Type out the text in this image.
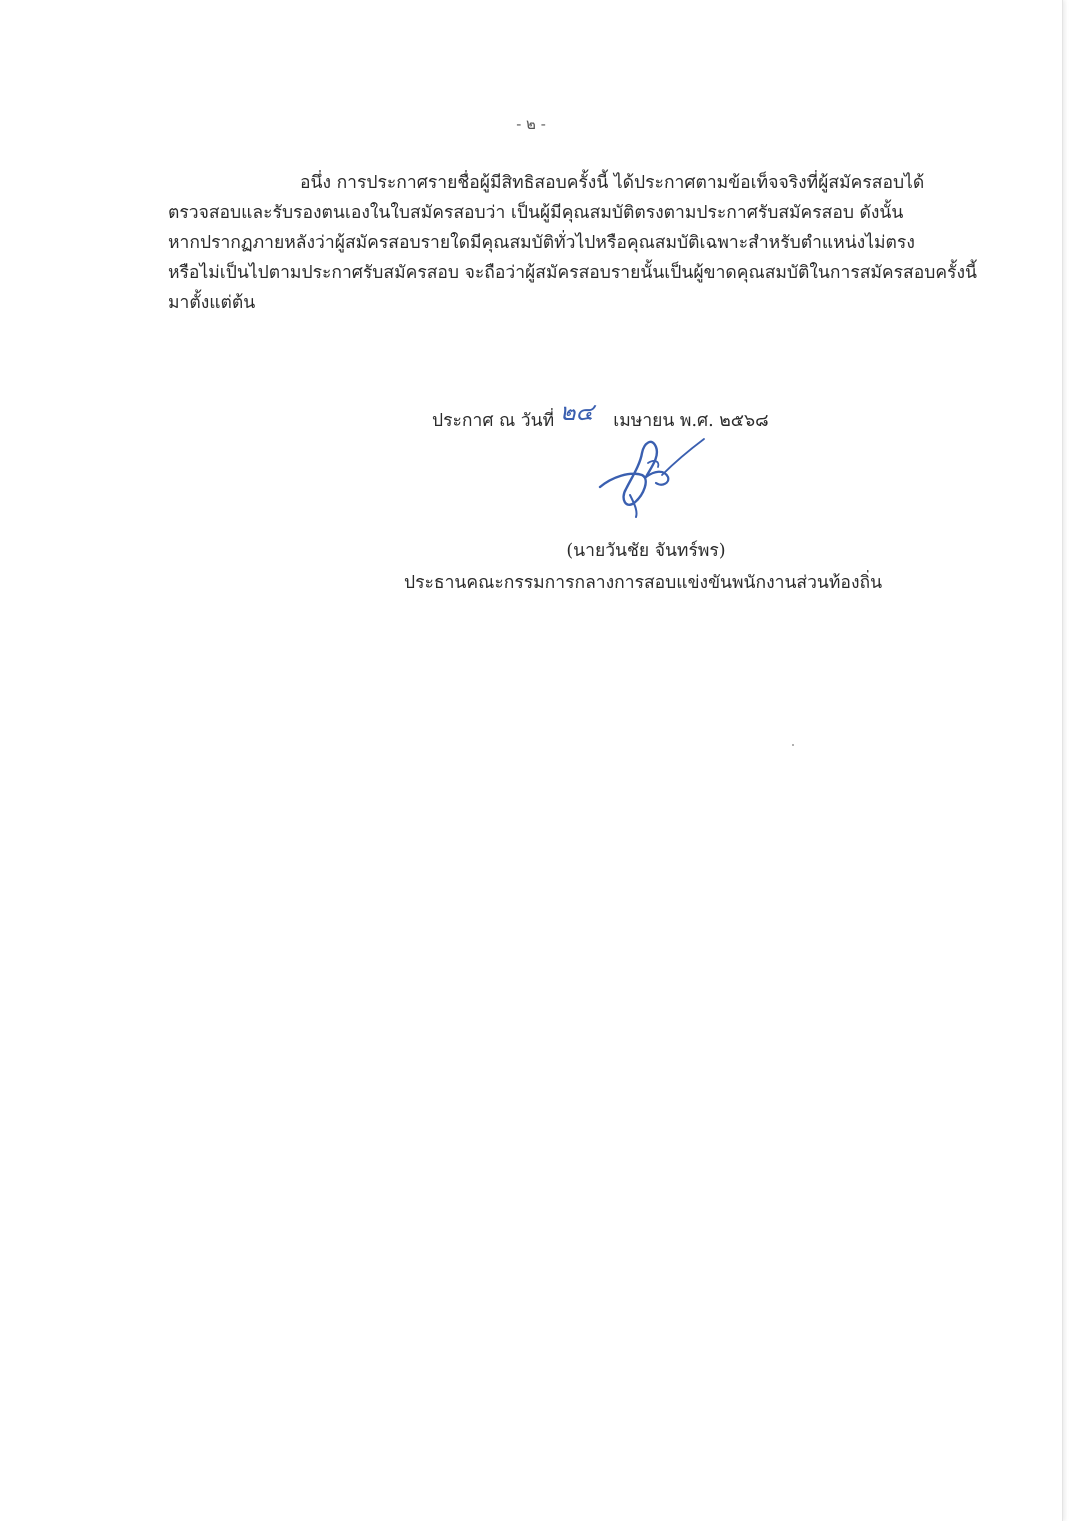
- ๒ -
อนึ่ง การประกาศรายชื่อผู้มีสิทธิสอบครั้งนี้ ได้ประกาศตามข้อเท็จจริงที่ผู้สมัครสอบได้
ตรวจสอบและรับรองตนเองในใบสมัครสอบว่า เป็นผู้มีคุณสมบัติตรงตามประกาศรับสมัครสอบ ดังนั้น
หากปรากฏภายหลังว่าผู้สมัครสอบรายใดมีคุณสมบัติทั่วไปหรือคุณสมบัติเฉพาะสำหรับตำแหน่งไม่ตรง
หรือไม่เป็นไปตามประกาศรับสมัครสอบ จะถือว่าผู้สมัครสอบรายนั้นเป็นผู้ขาดคุณสมบัติในการสมัครสอบครั้งนี้
มาตั้งแต่ต้น
ประกาศ ณ วันที่ ๒๔ เมษายน พ.ศ. ๒๕๖๘
(นายวันชัย จันทร์พร)
ประธานคณะกรรมการกลางการสอบแข่งขันพนักงานส่วนท้องถิ่น
